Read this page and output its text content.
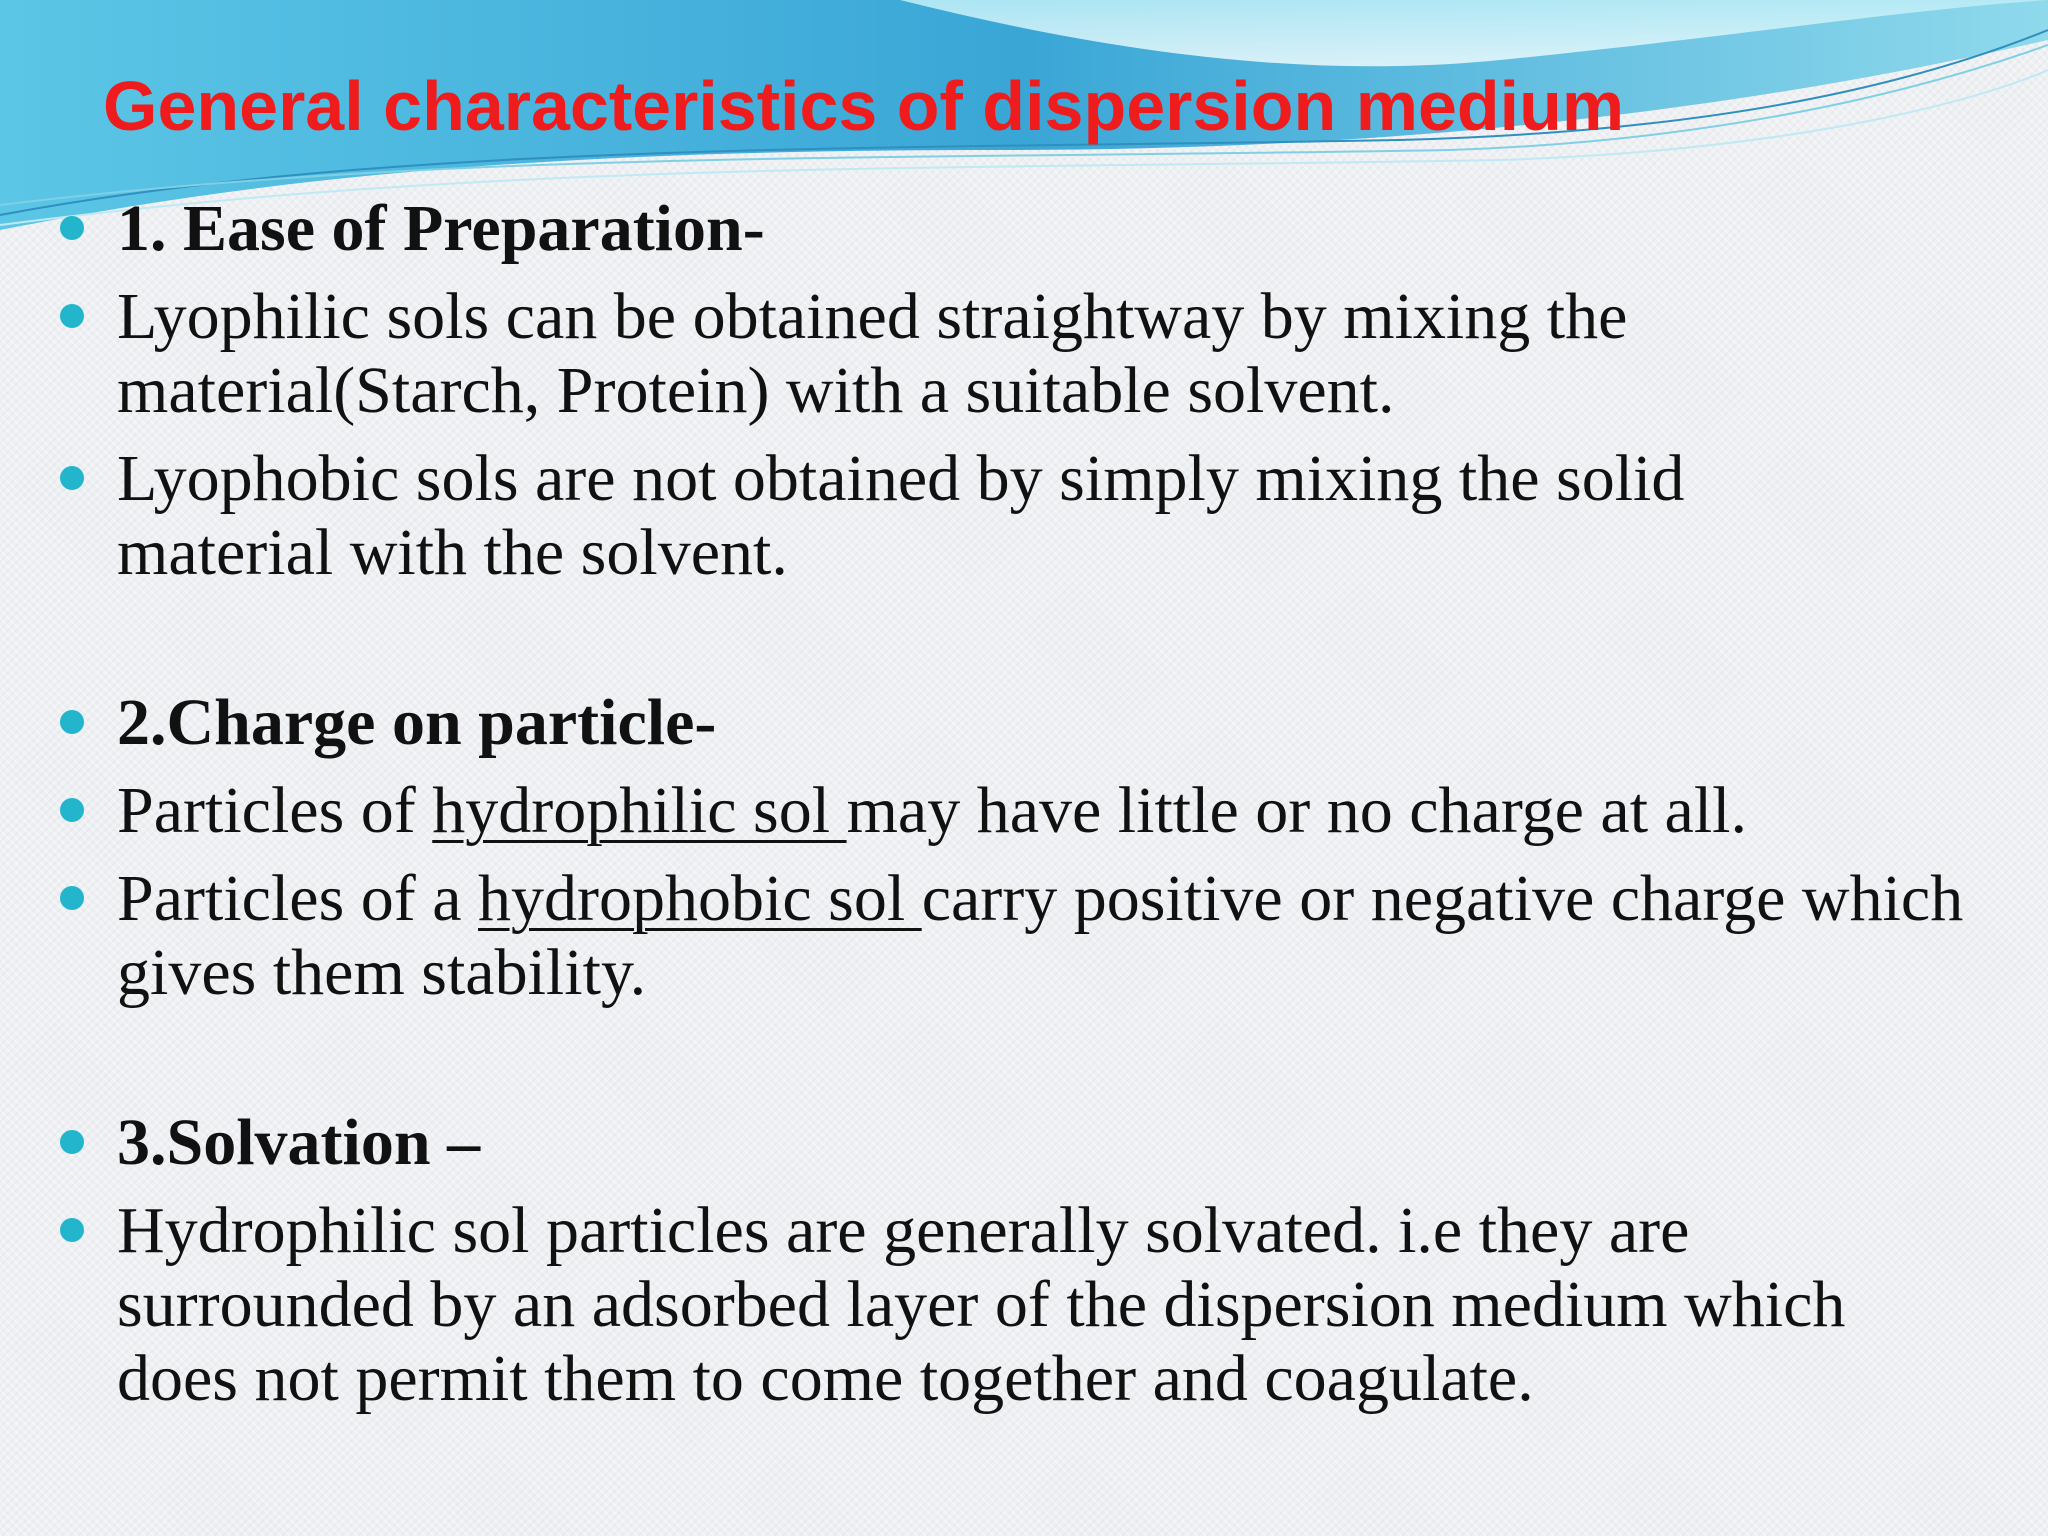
General characteristics of dispersion medium
1. Ease of Preparation-
Lyophilic sols can be obtained straightway by mixing the material(Starch, Protein) with a suitable solvent.
Lyophobic sols are not obtained by simply mixing the solid material with the solvent.
2.Charge on particle-
Particles of hydrophilic sol may have little or no charge at all.
Particles of a hydrophobic sol carry positive or negative charge which gives them stability.
3.Solvation –
Hydrophilic sol particles are generally solvated. i.e they are surrounded by an adsorbed layer of the dispersion medium which does not permit them to come together and coagulate.
